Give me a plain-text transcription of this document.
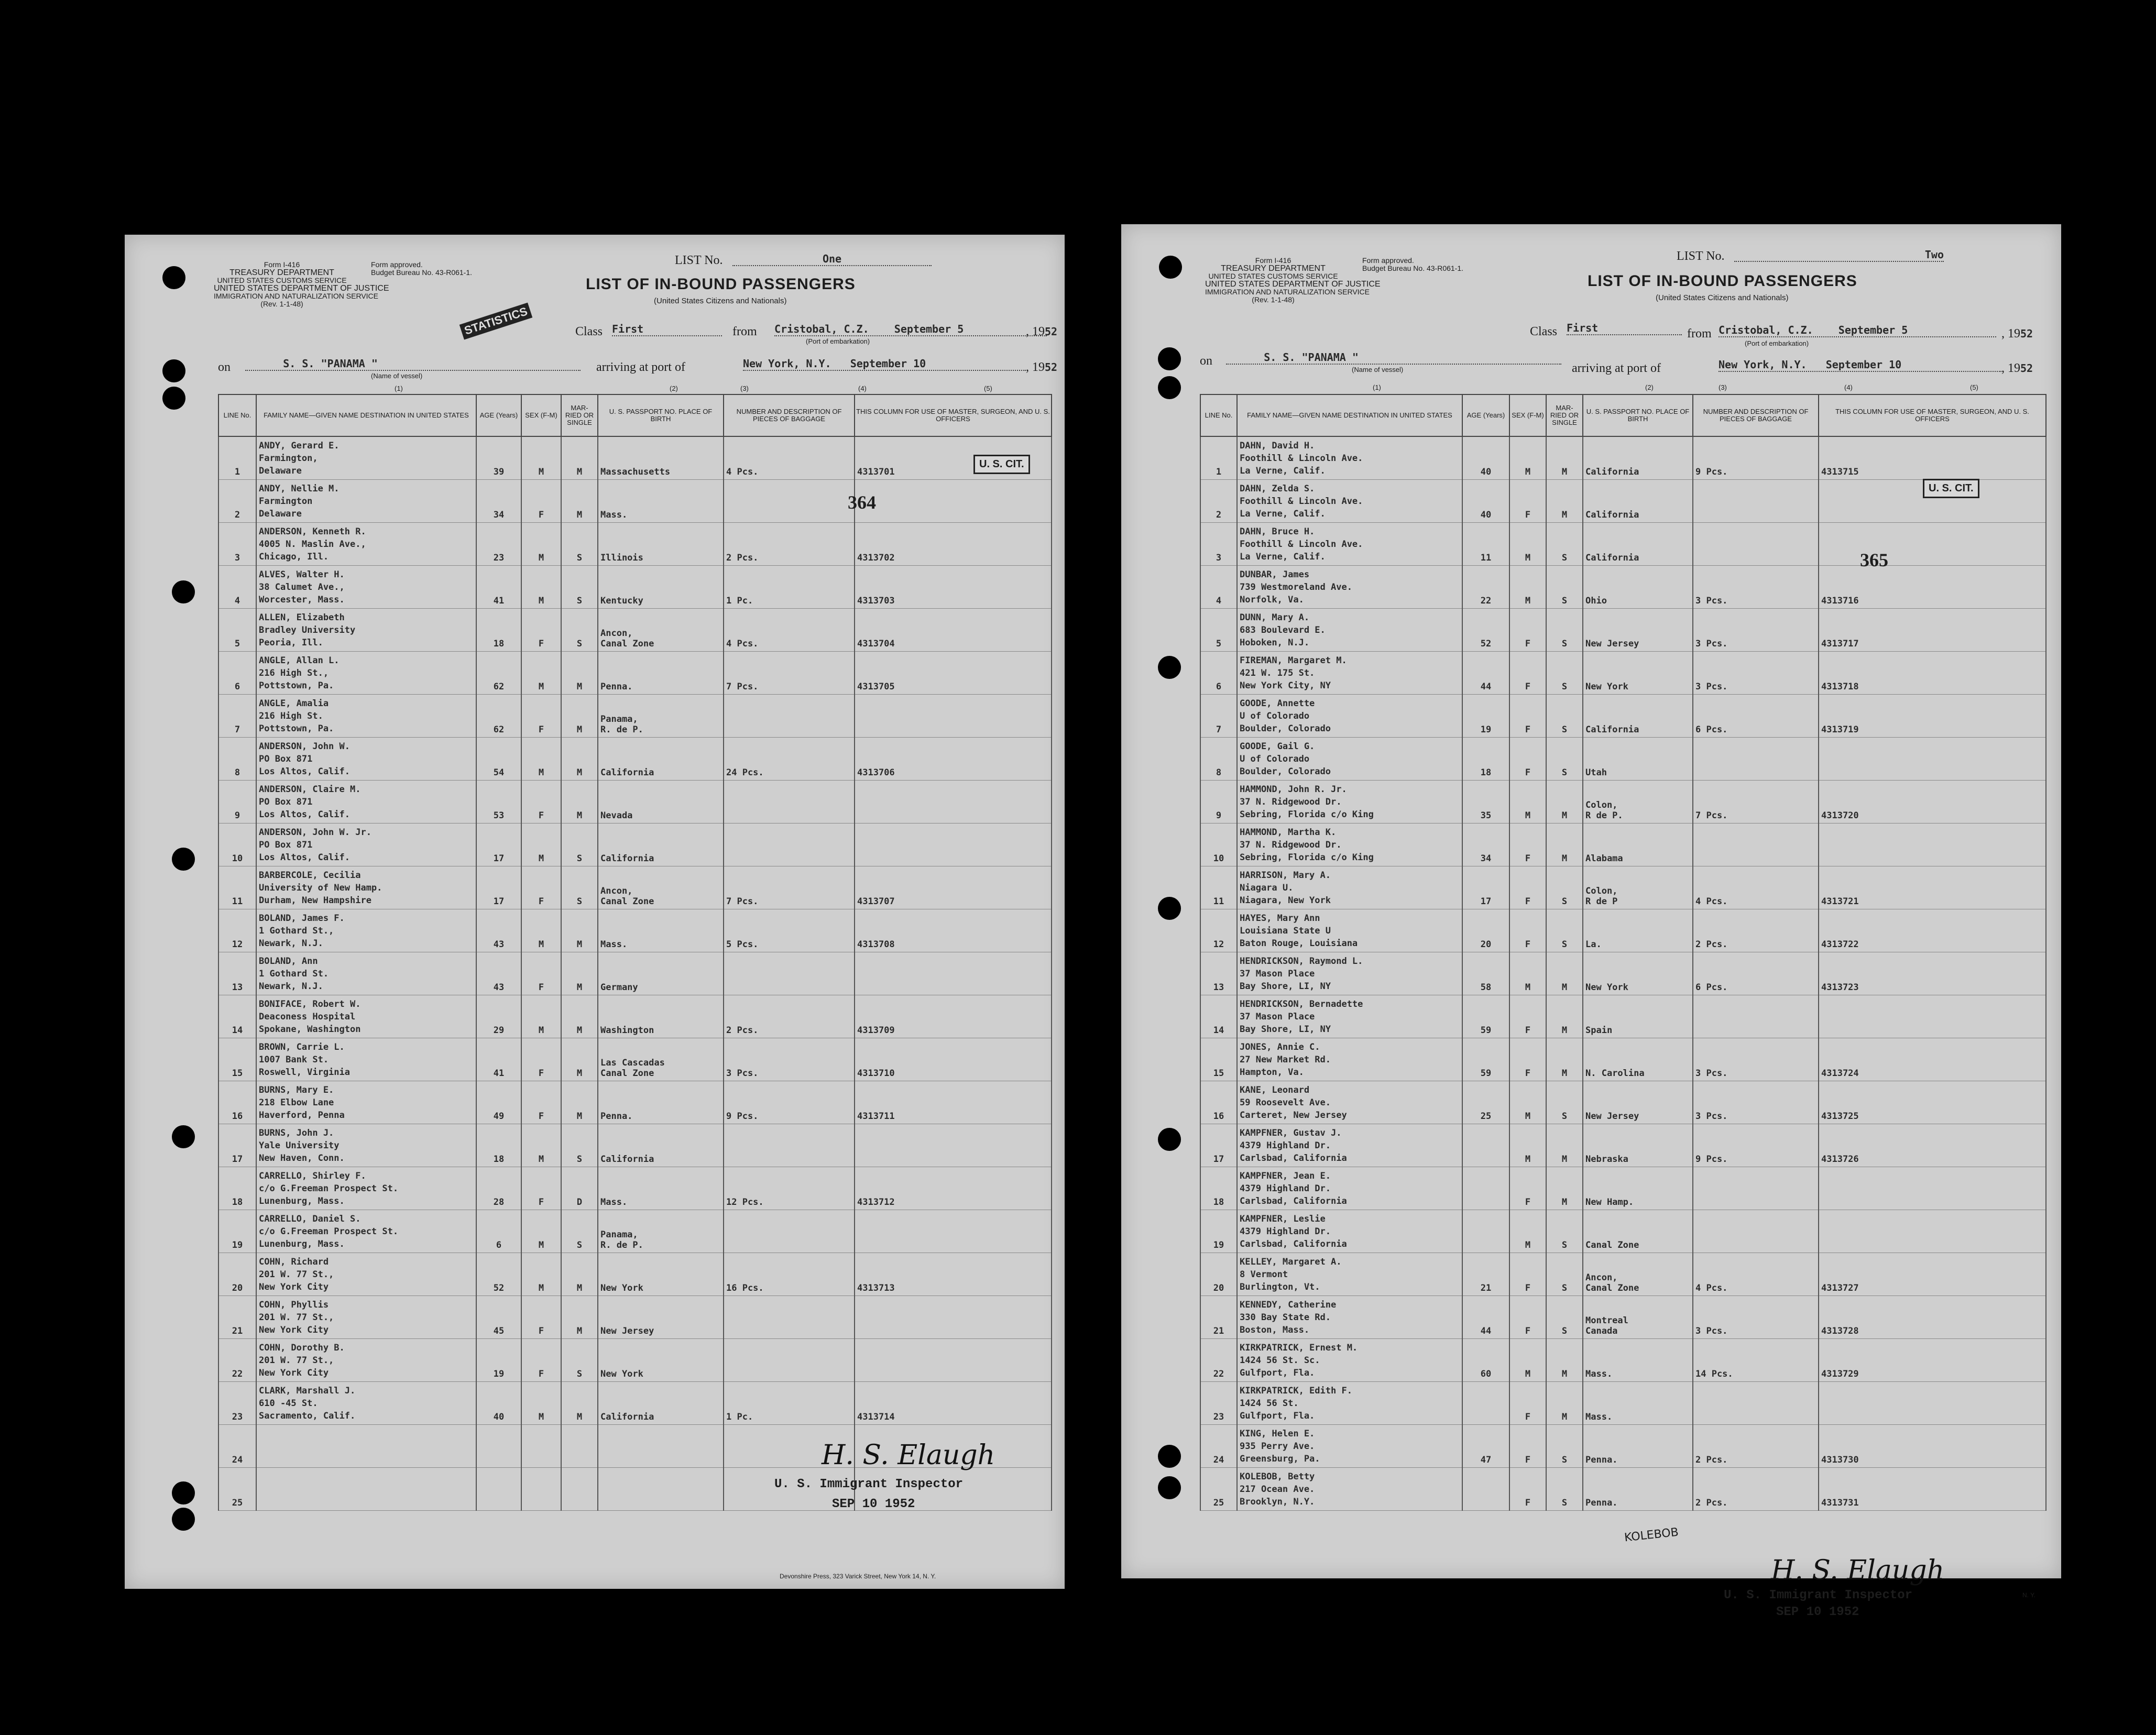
Form I-416
TREASURY DEPARTMENT
UNITED STATES CUSTOMS SERVICE
UNITED STATES DEPARTMENT OF JUSTICE
IMMIGRATION AND NATURALIZATION SERVICE
(Rev. 1-1-48)
Form approved.
Budget Bureau No. 43-R061-1.
LIST No.	One
LIST OF IN-BOUND PASSENGERS
(United States Citizens and Nationals)
STATISTICS	Class First	from Cristobal, C.Z. September 5	, 1952
(Port of embarkation)
on	S. S. "PANAMA "
(Name of vessel)
arriving at port of	New York, N.Y. September 10	, 1952
(1)	(2)	(3)	(4)	(5)
LINE No.	FAMILY NAME—GIVEN NAME DESTINATION IN UNITED STATES	AGE (Years)	SEX (F-M)	MAR-RIED OR SINGLE	U. S. PASSPORT NO. PLACE OF BIRTH	NUMBER AND DESCRIPTION OF PIECES OF BAGGAGE	THIS COLUMN FOR USE OF MASTER, SURGEON, AND U. S. OFFICERS
1	ANDY, Gerard E.
Farmington,
Delaware	39	M	M	Massachusetts	4 Pcs.	4313701
2	ANDY, Nellie M.
Farmington
Delaware	34	F	M	Mass.		
3	ANDERSON, Kenneth R.
4005 N. Maslin Ave.,
Chicago, Ill.	23	M	S	Illinois	2 Pcs.	4313702
4	ALVES, Walter H.
38 Calumet Ave.,
Worcester, Mass.	41	M	S	Kentucky	1 Pc.	4313703
5	ALLEN, Elizabeth
Bradley University
Peoria, Ill.	18	F	S	Ancon,
Canal Zone	4 Pcs.	4313704
6	ANGLE, Allan L.
216 High St.,
Pottstown, Pa.	62	M	M	Penna.	7 Pcs.	4313705
7	ANGLE, Amalia
216 High St.
Pottstown, Pa.	62	F	M	Panama,
R. de P.		
8	ANDERSON, John W.
PO Box 871
Los Altos, Calif.	54	M	M	California	24 Pcs.	4313706
9	ANDERSON, Claire M.
PO Box 871
Los Altos, Calif.	53	F	M	Nevada		
10	ANDERSON, John W. Jr.
PO Box 871
Los Altos, Calif.	17	M	S	California		
11	BARBERCOLE, Cecilia
University of New Hamp.
Durham, New Hampshire	17	F	S	Ancon,
Canal Zone	7 Pcs.	4313707
12	BOLAND, James F.
1 Gothard St.,
Newark, N.J.	43	M	M	Mass.	5 Pcs.	4313708
13	BOLAND, Ann
1 Gothard St.
Newark, N.J.	43	F	M	Germany		
14	BONIFACE, Robert W.
Deaconess Hospital
Spokane, Washington	29	M	M	Washington	2 Pcs.	4313709
15	BROWN, Carrie L.
1007 Bank St.
Roswell, Virginia	41	F	M	Las Cascadas
Canal Zone	3 Pcs.	4313710
16	BURNS, Mary E.
218 Elbow Lane
Haverford, Penna	49	F	M	Penna.	9 Pcs.	4313711
17	BURNS, John J.
Yale University
New Haven, Conn.	18	M	S	California		
18	CARRELLO, Shirley F.
c/o G.Freeman Prospect St.
Lunenburg, Mass.	28	F	D	Mass.	12 Pcs.	4313712
19	CARRELLO, Daniel S.
c/o G.Freeman Prospect St.
Lunenburg, Mass.	6	M	S	Panama,
R. de P.		
20	COHN, Richard
201 W. 77 St.,
New York City	52	M	M	New York	16 Pcs.	4313713
21	COHN, Phyllis
201 W. 77 St.,
New York City	45	F	M	New Jersey		
22	COHN, Dorothy B.
201 W. 77 St.,
New York City	19	F	S	New York		
23	CLARK, Marshall J.
610 -45 St.
Sacramento, Calif.	40	M	M	California	1 Pc.	4313714
24							
25							
U. S. CIT.
364
H. S. Elaugh
U. S. Immigrant Inspector
SEP 10 1952
Devonshire Press, 323 Varick Street, New York 14, N. Y.
Form I-416
TREASURY DEPARTMENT
UNITED STATES CUSTOMS SERVICE
UNITED STATES DEPARTMENT OF JUSTICE
IMMIGRATION AND NATURALIZATION SERVICE
(Rev. 1-1-48)
Form approved.
Budget Bureau No. 43-R061-1.
LIST No.	Two
LIST OF IN-BOUND PASSENGERS
(United States Citizens and Nationals)
Class First	from Cristobal, C.Z. September 5	, 1952
(Port of embarkation)
on	S. S. "PANAMA "
(Name of vessel)	arriving at port of	New York, N.Y. September 10	, 1952
(1)	(2)	(3)	(4)	(5)
LINE No.	FAMILY NAME—GIVEN NAME DESTINATION IN UNITED STATES	AGE (Years)	SEX (F-M)	MAR-RIED OR SINGLE	U. S. PASSPORT NO. PLACE OF BIRTH	NUMBER AND DESCRIPTION OF PIECES OF BAGGAGE	THIS COLUMN FOR USE OF MASTER, SURGEON, AND U. S. OFFICERS
1	DAHN, David H.
Foothill & Lincoln Ave.
La Verne, Calif.	40	M	M	California	9 Pcs.	4313715
2	DAHN, Zelda S.
Foothill & Lincoln Ave.
La Verne, Calif.	40	F	M	California		
3	DAHN, Bruce H.
Foothill & Lincoln Ave.
La Verne, Calif.	11	M	S	California		
4	DUNBAR, James
739 Westmoreland Ave.
Norfolk, Va.	22	M	S	Ohio	3 Pcs.	4313716
5	DUNN, Mary A.
683 Boulevard E.
Hoboken, N.J.	52	F	S	New Jersey	3 Pcs.	4313717
6	FIREMAN, Margaret M.
421 W. 175 St.
New York City, NY	44	F	S	New York	3 Pcs.	4313718
7	GOODE, Annette
U of Colorado
Boulder, Colorado	19	F	S	California	6 Pcs.	4313719
8	GOODE, Gail G.
U of Colorado
Boulder, Colorado	18	F	S	Utah		
9	HAMMOND, John R. Jr.
37 N. Ridgewood Dr.
Sebring, Florida c/o King	35	M	M	Colon,
R de P.	7 Pcs.	4313720
10	HAMMOND, Martha K.
37 N. Ridgewood Dr.
Sebring, Florida c/o King	34	F	M	Alabama		
11	HARRISON, Mary A.
Niagara U.
Niagara, New York	17	F	S	Colon,
R de P	4 Pcs.	4313721
12	HAYES, Mary Ann
Louisiana State U
Baton Rouge, Louisiana	20	F	S	La.	2 Pcs.	4313722
13	HENDRICKSON, Raymond L.
37 Mason Place
Bay Shore, LI, NY	58	M	M	New York	6 Pcs.	4313723
14	HENDRICKSON, Bernadette
37 Mason Place
Bay Shore, LI, NY	59	F	M	Spain		
15	JONES, Annie C.
27 New Market Rd.
Hampton, Va.	59	F	M	N. Carolina	3 Pcs.	4313724
16	KANE, Leonard
59 Roosevelt Ave.
Carteret, New Jersey	25	M	S	New Jersey	3 Pcs.	4313725
17	KAMPFNER, Gustav J.
4379 Highland Dr.
Carlsbad, California		M	M	Nebraska	9 Pcs.	4313726
18	KAMPFNER, Jean E.
4379 Highland Dr.
Carlsbad, California		F	M	New Hamp.		
19	KAMPFNER, Leslie
4379 Highland Dr.
Carlsbad, California		M	S	Canal Zone		
20	KELLEY, Margaret A.
8 Vermont
Burlington, Vt.	21	F	S	Ancon,
Canal Zone	4 Pcs.	4313727
21	KENNEDY, Catherine
330 Bay State Rd.
Boston, Mass.	44	F	S	Montreal
Canada	3 Pcs.	4313728
22	KIRKPATRICK, Ernest M.
1424 56 St. Sc.
Gulfport, Fla.	60	M	M	Mass.	14 Pcs.	4313729
23	KIRKPATRICK, Edith F.
1424 56 St.
Gulfport, Fla.		F	M	Mass.		
24	KING, Helen E.
935 Perry Ave.
Greensburg, Pa.	47	F	S	Penna.	2 Pcs.	4313730
25	KOLEBOB, Betty
217 Ocean Ave.
Brooklyn, N.Y.		F	S	Penna.	2 Pcs.	4313731
U. S. CIT.
365
KOLEBOB
H. S. Elaugh
U. S. Immigrant Inspector
SEP 10 1952
N. Y.
